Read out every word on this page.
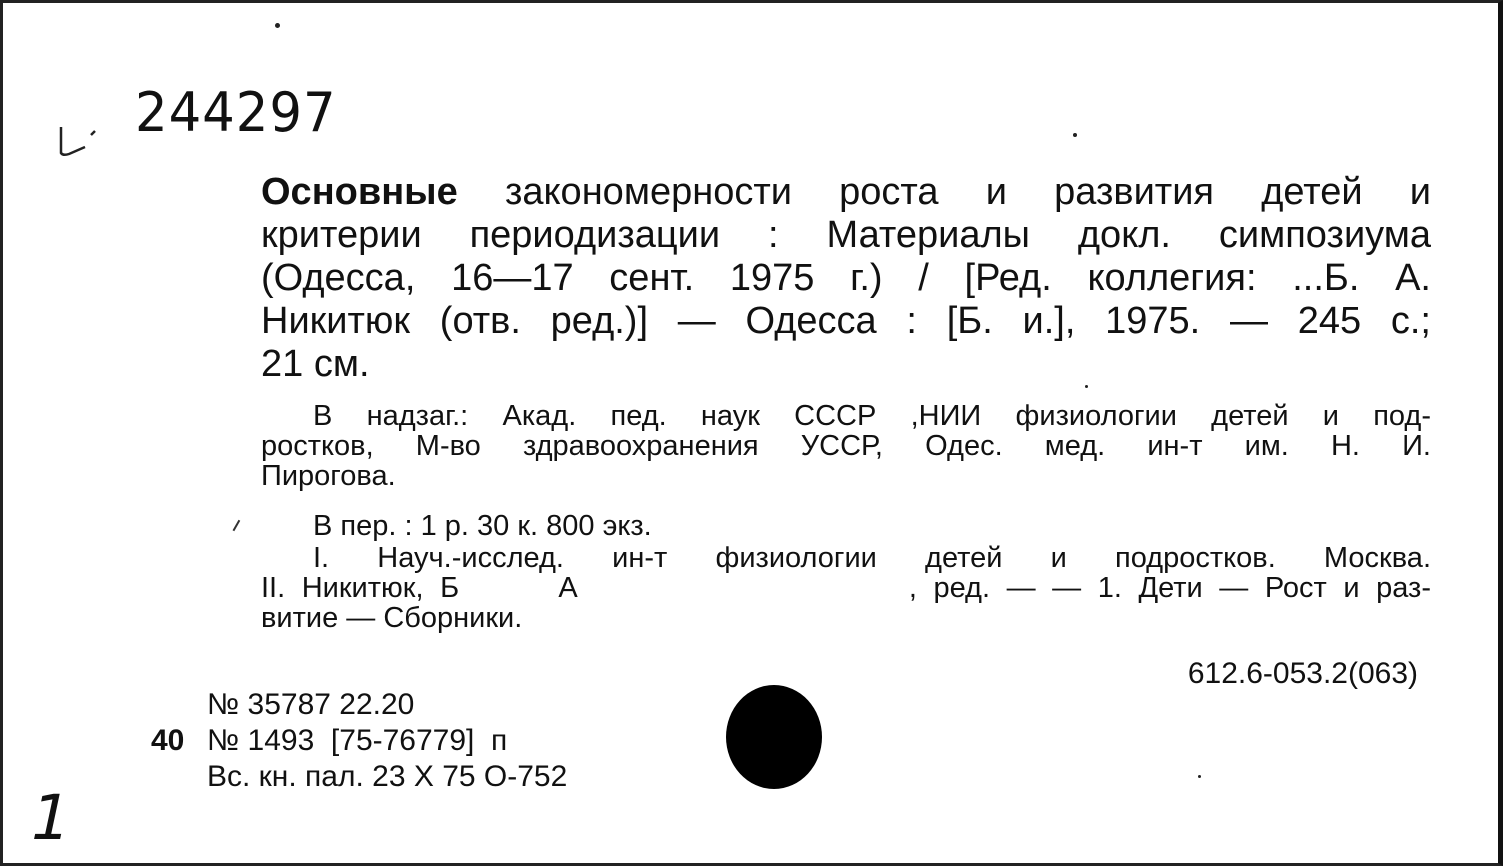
244297
Основные закономерности роста и развития детей и
критерии периодизации : Материалы докл. симпозиума
(Одесса, 16—17 сент. 1975 г.) / [Ред. коллегия: ...Б. А.
Никитюк (отв. ред.)] — Одесса : [Б. и.], 1975. — 245 с.;
21 см.
В надзаг.: Акад. пед. наук СССР ,НИИ физиологии детей и под-
ростков, М-во здравоохранения УССР, Одес. мед. ин-т им. Н. И.
Пирогова.
В пер. : 1 р. 30 к. 800 экз.
I. Науч.-исслед. ин-т физиологии детей и подростков. Москва.
II. Никитюк, Б      А                    , ред. — — 1. Дети — Рост и раз-
витие — Сборники.
612.6-053.2(063)
№ 35787 22.20
40 № 1493  [75-76779]  п
Вс. кн. пал. 23 X 75 О-752
1
